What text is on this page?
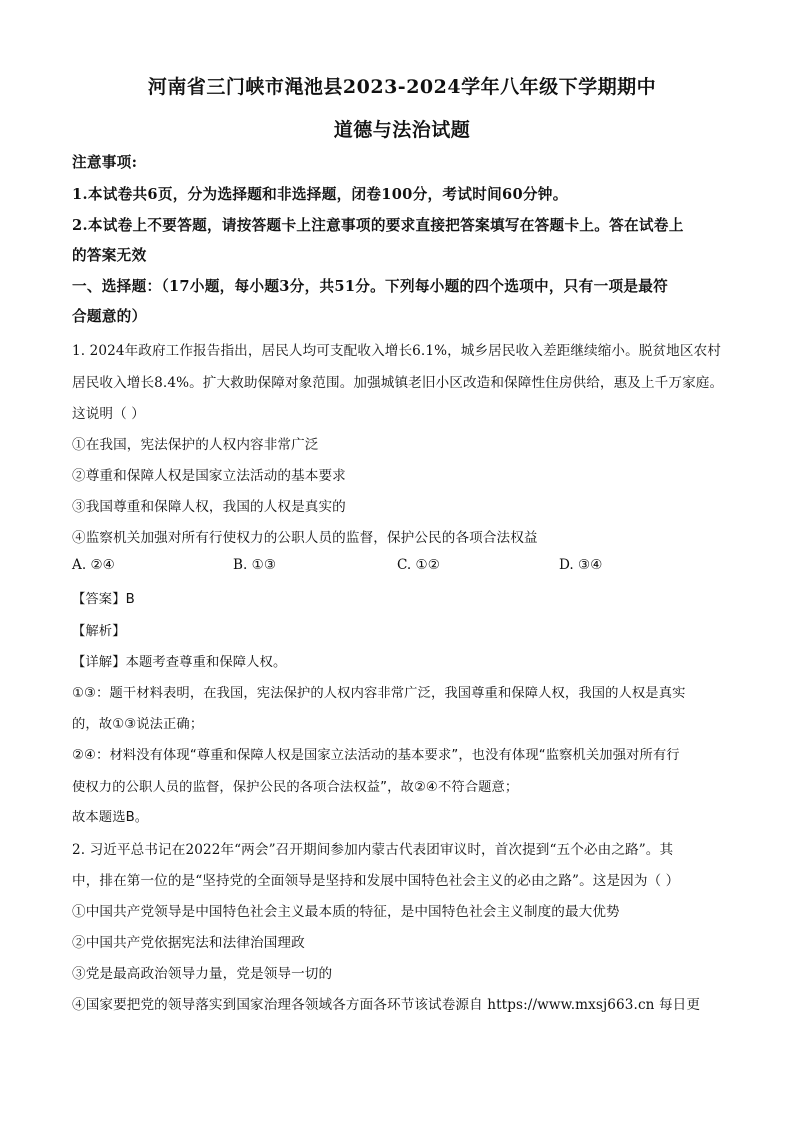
河南省三门峡市渑池县2023-2024学年八年级下学期期中
道德与法治试题
注意事项:
1.本试卷共6页，分为选择题和非选择题，闭卷100分，考试时间60分钟。
2.本试卷上不要答题，请按答题卡上注意事项的要求直接把答案填写在答题卡上。答在试卷上
的答案无效
一、选择题：（17小题，每小题3分，共51分。下列每小题的四个选项中，只有一项是最符
合题意的）
1. 2024年政府工作报告指出，居民人均可支配收入增长6.1%，城乡居民收入差距继续缩小。脱贫地区农村
居民收入增长8.4%。扩大救助保障对象范围。加强城镇老旧小区改造和保障性住房供给，惠及上千万家庭。
这说明（ ）
①在我国，宪法保护的人权内容非常广泛
②尊重和保障人权是国家立法活动的基本要求
③我国尊重和保障人权，我国的人权是真实的
④监察机关加强对所有行使权力的公职人员的监督，保护公民的各项合法权益
A. ②④	B. ①③	C. ①②	D. ③④
【答案】B
【解析】
【详解】本题考查尊重和保障人权。
①③：题干材料表明，在我国，宪法保护的人权内容非常广泛，我国尊重和保障人权，我国的人权是真实
的，故①③说法正确；
②④：材料没有体现“尊重和保障人权是国家立法活动的基本要求”，也没有体现“监察机关加强对所有行
使权力的公职人员的监督，保护公民的各项合法权益”，故②④不符合题意；
故本题选B。
2. 习近平总书记在2022年“两会”召开期间参加内蒙古代表团审议时，首次提到“五个必由之路”。其
中，排在第一位的是“坚持党的全面领导是坚持和发展中国特色社会主义的必由之路”。这是因为（ ）
①中国共产党领导是中国特色社会主义最本质的特征，是中国特色社会主义制度的最大优势
②中国共产党依据宪法和法律治国理政
③党是最高政治领导力量，党是领导一切的
④国家要把党的领导落实到国家治理各领域各方面各环节该试卷源自 https://www.mxsj663.cn 每日更
